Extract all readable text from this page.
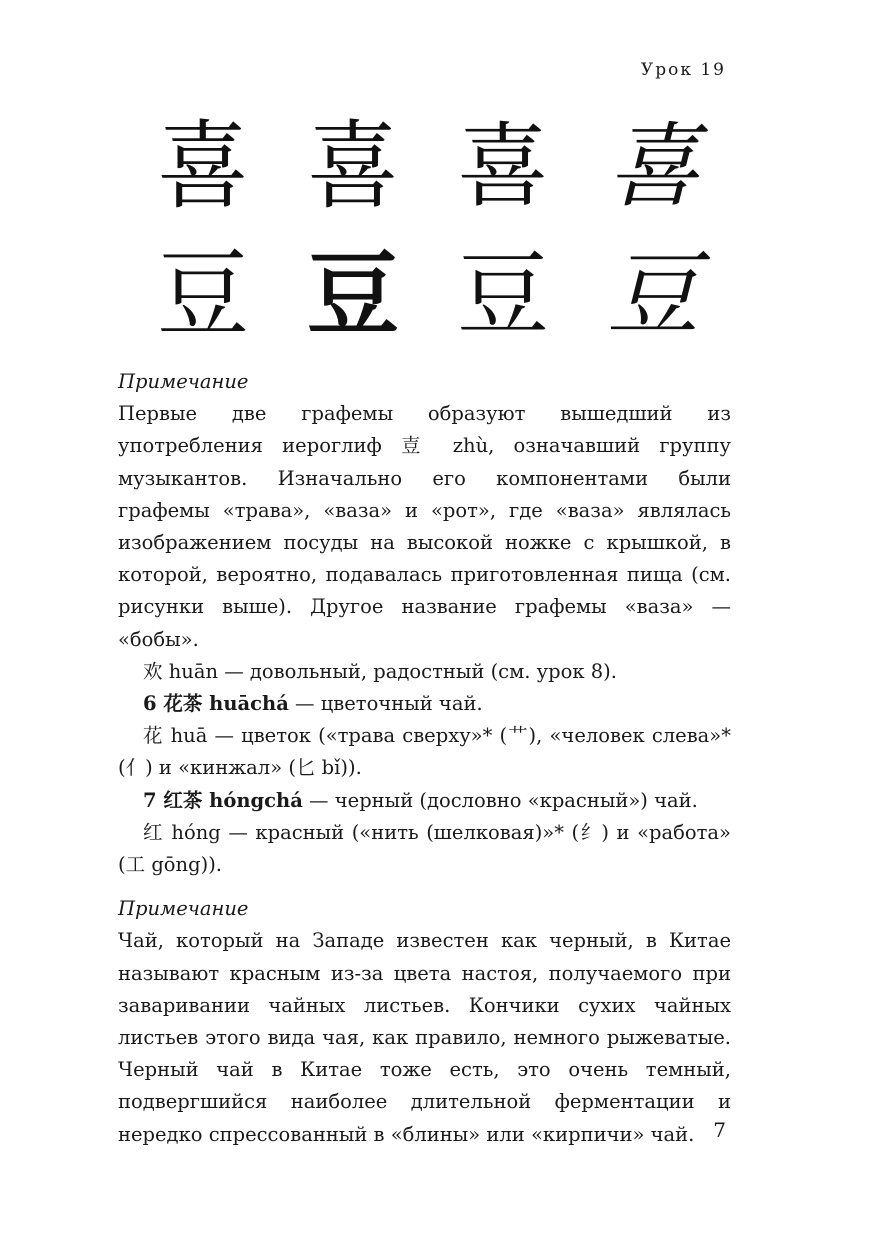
Урок 19
喜 喜 喜 喜
豆 豆 豆 豆

Примечание

Первые две графемы образуют вышедший из употребления иероглиф 壴 zhù, означавший группу музыкантов. Изначально его компонентами были графемы «трава», «ваза» и «рот», где «ваза» являлась изображением посуды на высокой ножке с крышкой, в которой, вероятно, подавалась приготовленная пища (см. рисунки выше). Другое название графемы «ваза» — «бобы».

欢 huān — довольный, радостный (см. урок 8).

6 花茶 huāchá — цветочный чай.

花 huā — цветок («трава сверху»* (艹), «человек слева»* (亻) и «кинжал» (匕 bǐ)).

7 红茶 hóngchá — черный (дословно «красный») чай.

红 hóng — красный («нить (шелковая)»* (纟) и «работа» (工 gōng)).

Примечание

Чай, который на Западе известен как черный, в Китае называют красным из-за цвета настоя, получаемого при заваривании чайных листьев. Кончики сухих чайных листьев этого вида чая, как правило, немного рыжеватые. Черный чай в Китае тоже есть, это очень темный, подвергшийся наиболее длительной ферментации и нередко спрессованный в «блины» или «кирпичи» чай. 7
